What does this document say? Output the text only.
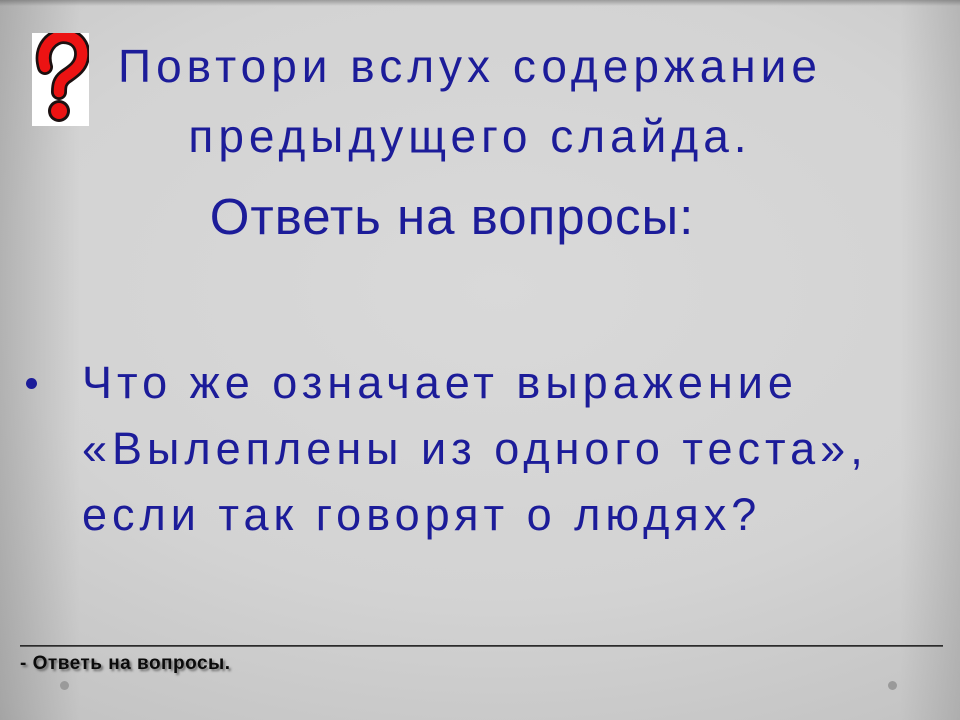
Повтори вслух содержание
предыдущего слайда.
Ответь на вопросы:
Что же означает выражение
«Вылеплены из одного теста»,
если так говорят о людях?
- Ответь на вопросы.
